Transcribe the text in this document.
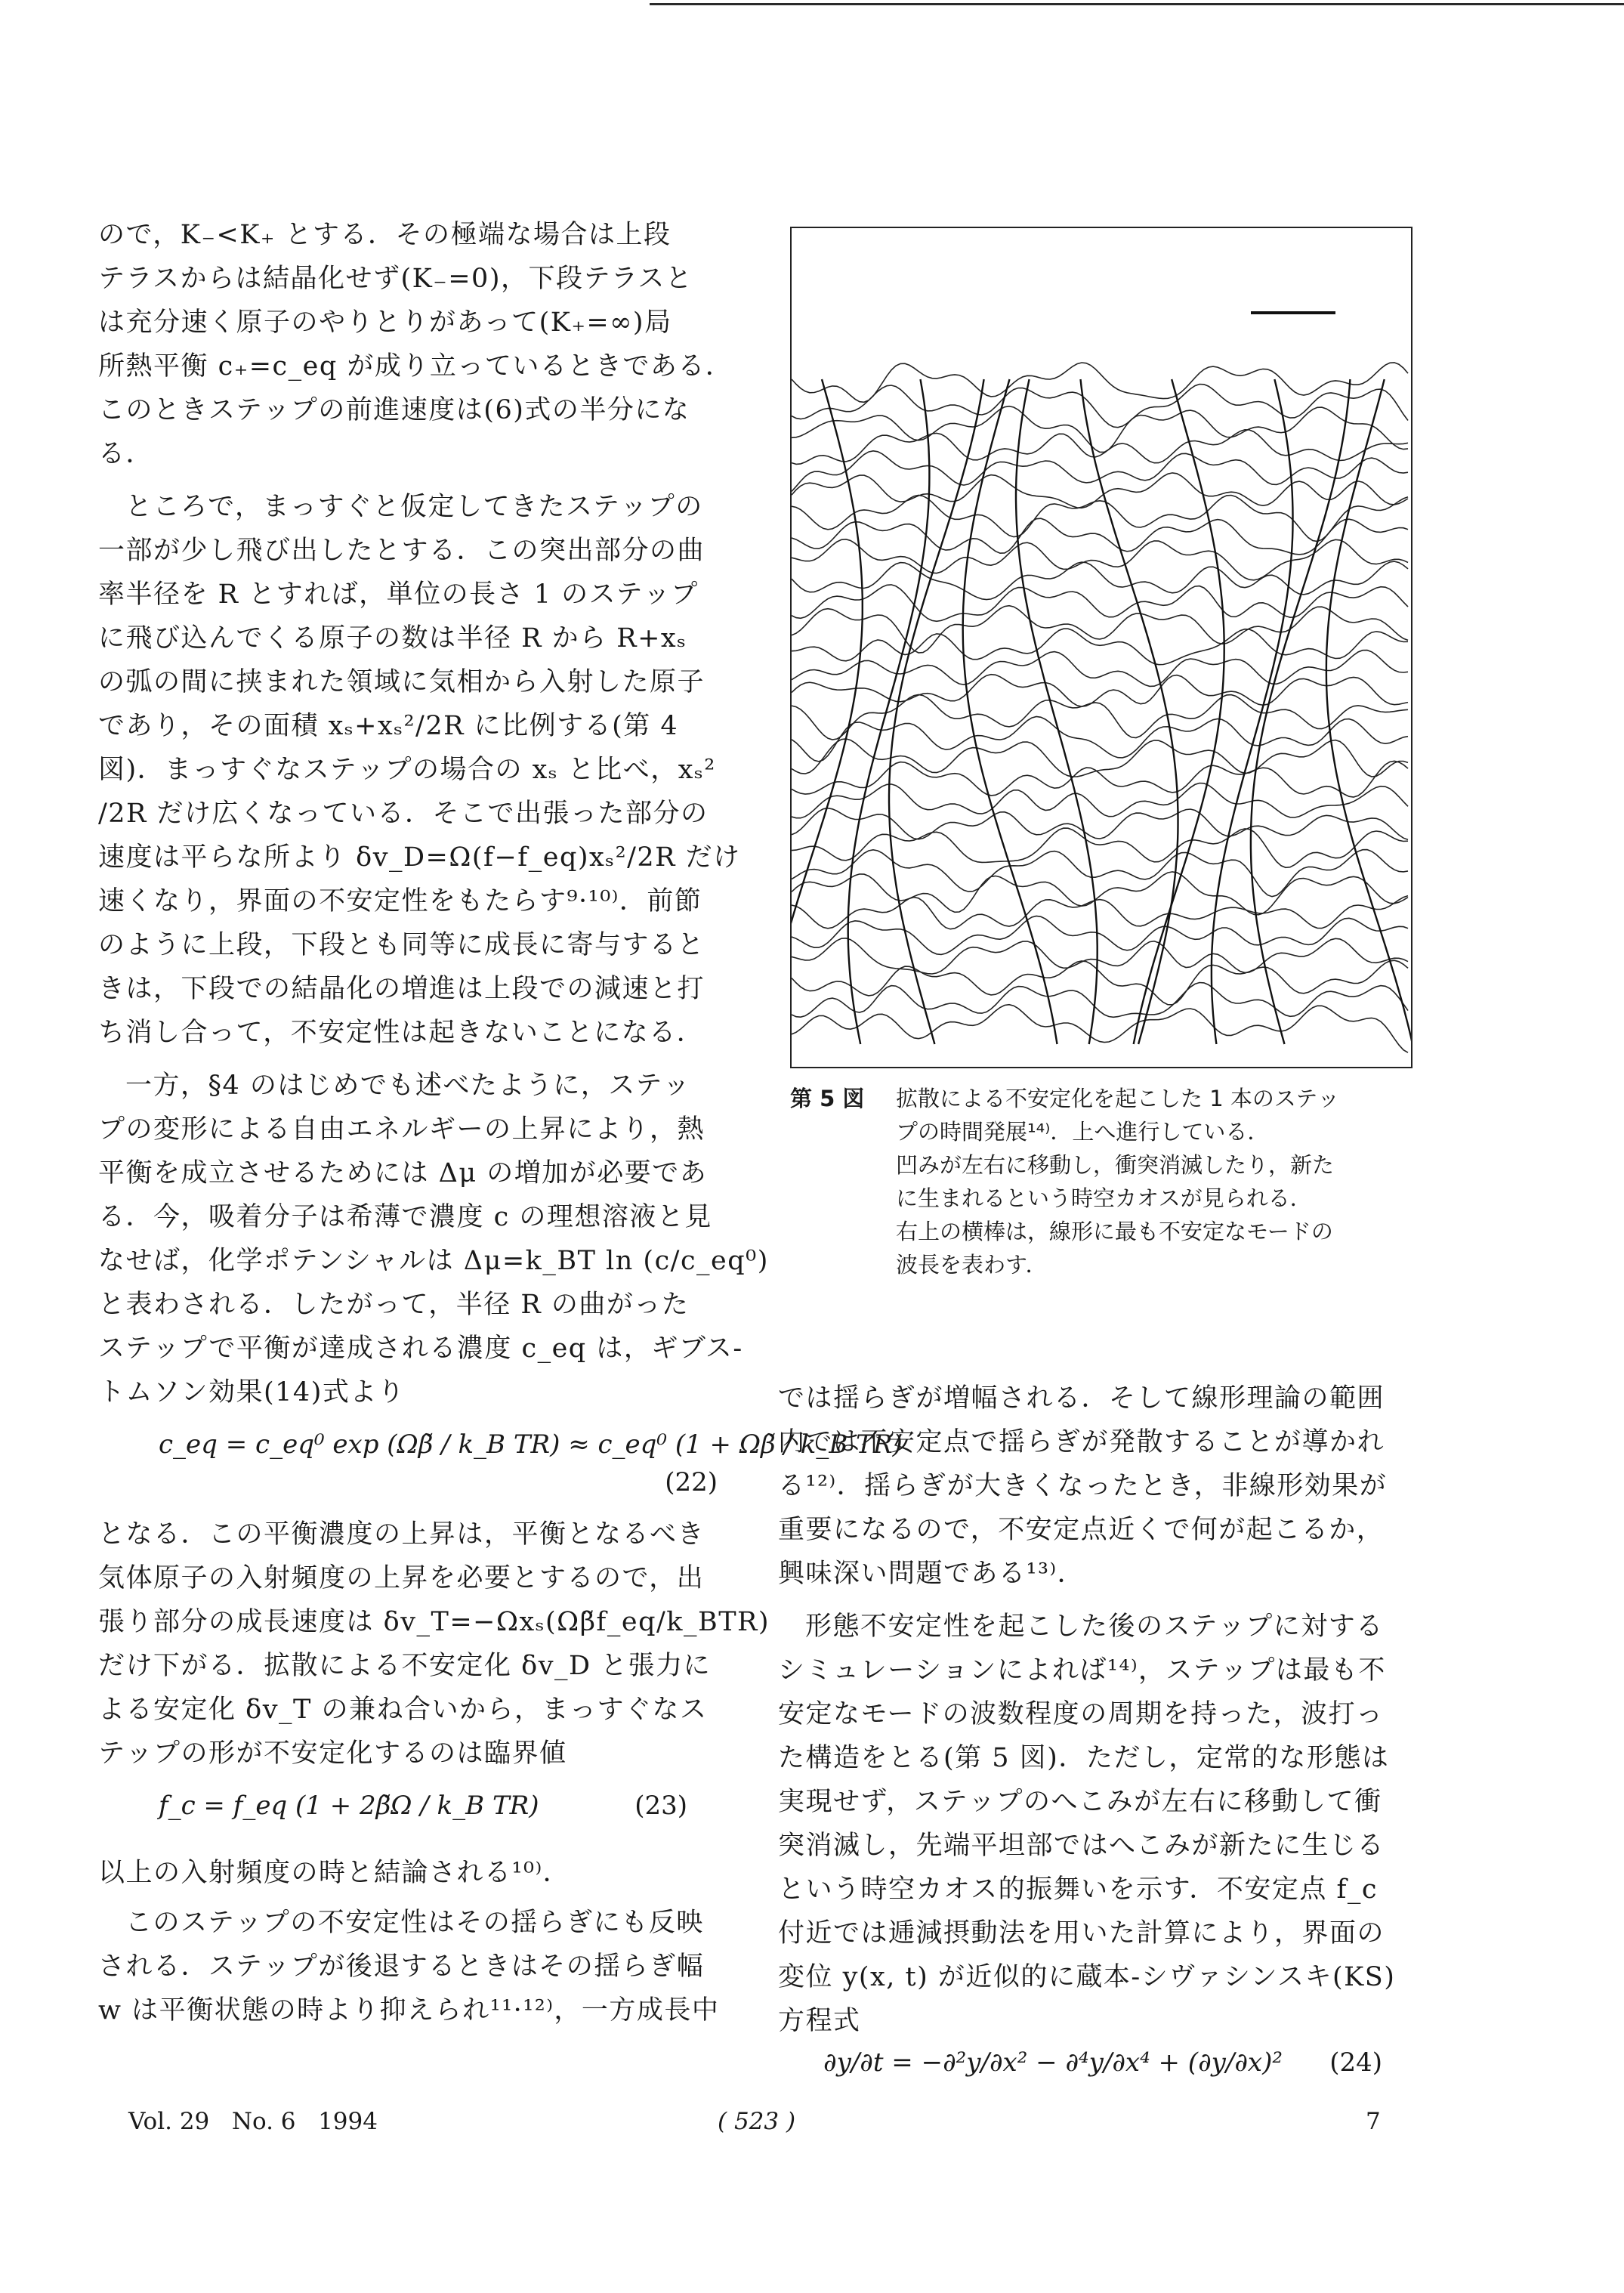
ので，K₋<K₊ とする．その極端な場合は上段
テラスからは結晶化せず(K₋=0)，下段テラスと
は充分速く原子のやりとりがあって(K₊=∞)局
所熱平衡 c₊=c_eq が成り立っているときである．
このときステップの前進速度は(6)式の半分にな
る．
ところで，まっすぐと仮定してきたステップの
一部が少し飛び出したとする．この突出部分の曲
率半径を R とすれば，単位の長さ 1 のステップ
に飛び込んでくる原子の数は半径 R から R+xₛ
の弧の間に挟まれた領域に気相から入射した原子
であり，その面積 xₛ+xₛ²/2R に比例する(第 4
図)．まっすぐなステップの場合の xₛ と比べ，xₛ²
/2R だけ広くなっている．そこで出張った部分の
速度は平らな所より δv_D=Ω(f−f_eq)xₛ²/2R だけ
速くなり，界面の不安定性をもたらす⁹·¹⁰⁾．前節
のように上段，下段とも同等に成長に寄与すると
きは，下段での結晶化の増進は上段での減速と打
ち消し合って，不安定性は起きないことになる．
一方，§4 のはじめでも述べたように，ステッ
プの変形による自由エネルギーの上昇により，熱
平衡を成立させるためには Δμ の増加が必要であ
る．今，吸着分子は希薄で濃度 c の理想溶液と見
なせば，化学ポテンシャルは Δμ=k_BT ln (c/c_eq⁰)
と表わされる．したがって，半径 R の曲がった
ステップで平衡が達成される濃度 c_eq は，ギブス-
トムソン効果(14)式より
c_eq = c_eq⁰ exp (Ωβ̃ / k_B TR) ≈ c_eq⁰ (1 + Ωβ̃ / k_B TR)
(22)
となる．この平衡濃度の上昇は，平衡となるべき
気体原子の入射頻度の上昇を必要とするので，出
張り部分の成長速度は δv_T=−Ωxₛ(Ωβ̃f_eq/k_BTR)
だけ下がる．拡散による不安定化 δv_D と張力に
よる安定化 δv_T の兼ね合いから，まっすぐなス
テップの形が不安定化するのは臨界値
f_c = f_eq (1 + 2β̃Ω / k_B TR)	(23)
以上の入射頻度の時と結論される¹⁰⁾．
このステップの不安定性はその揺らぎにも反映
される．ステップが後退するときはその揺らぎ幅
w は平衡状態の時より抑えられ¹¹·¹²⁾，一方成長中
第 5 図 拡散による不安定化を起こした 1 本のステッ
プの時間発展¹⁴⁾．上へ進行している．
凹みが左右に移動し，衝突消滅したり，新た
に生まれるという時空カオスが見られる．
右上の横棒は，線形に最も不安定なモードの
波長を表わす．
では揺らぎが増幅される．そして線形理論の範囲
内では不安定点で揺らぎが発散することが導かれ
る¹²⁾．揺らぎが大きくなったとき，非線形効果が
重要になるので，不安定点近くで何が起こるか，
興味深い問題である¹³⁾．
形態不安定性を起こした後のステップに対する
シミュレーションによれば¹⁴⁾，ステップは最も不
安定なモードの波数程度の周期を持った，波打っ
た構造をとる(第 5 図)．ただし，定常的な形態は
実現せず，ステップのへこみが左右に移動して衝
突消滅し，先端平坦部ではへこみが新たに生じる
という時空カオス的振舞いを示す．不安定点 f_c
付近では逓減摂動法を用いた計算により，界面の
変位 y(x, t) が近似的に蔵本-シヴァシンスキ(KS)
方程式
∂y/∂t = −∂²y/∂x² − ∂⁴y/∂x⁴ + (∂y/∂x)² (24)
Vol. 29   No. 6   1994	( 523 )	7
